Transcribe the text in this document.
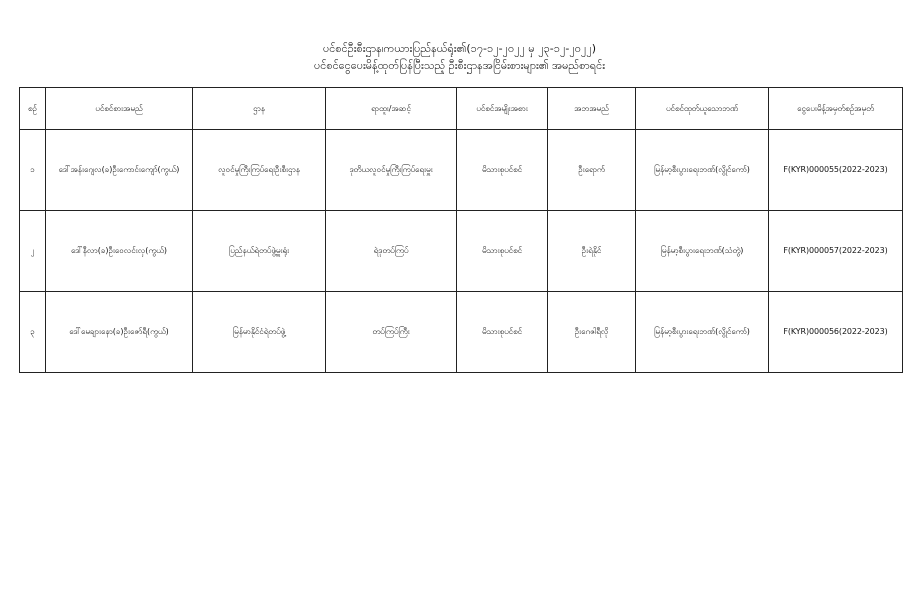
ပင်စင်ဦးစီးဌာန၊ကယားပြည်နယ်ရုံး၏(၁၇-၁၂-၂၀၂၂ မှ ၂၃-၁၂-၂၀၂၂)
ပင်စင်ငွေပေးမိန့်ထုတ်ပြန်ပြီးသည့် ဦးစီးဌာနအငြိမ်းစားများ၏ အမည်စာရင်း
စဉ်	ပင်စင်စားအမည်	ဌာန	ရာထူး/အဆင့်	ပင်စင်အမျိုးအစား	အဘအမည်	ပင်စင်ထုတ်ယူသောဘဏ်	ငွေပေးမိန့်အမှတ်စဉ်အမှတ်
၁	ဒေါ်အန်းဂျေလ(ခ)ဦးကောင်းကျော်(ကွယ်)	လူဝင်မှုကြီးကြပ်ရေးဦးစီးဌာန	ဒုတိယလူဝင်မှုကြီးကြပ်ရေးမှူး	မိသားစုပင်စင်	ဦးရောက်	မြန်မာ့စီးပွားရေးဘဏ်(လွိုင်ကော်)	F(KYR)000055(2022-2023)
၂	ဒေါ်နီလာ(ခ)ဦးဝေလင်းလှ(ကွယ်)	ပြည်နယ်ရဲတပ်ဖွဲ့မှူးရုံး	ရဲဒုတပ်ကြပ်	မိသားစုပင်စင်	ဦးရဲနိုင်	မြန်မာ့စီးပွားရေးဘဏ်(သံတွဲ)	F(KYR)000057(2022-2023)
၃	ဒေါ်မေချားနော(ခ)ဦးဇော်ရီ(ကွယ်)	မြန်မာနိုင်ငံရဲတပ်ဖွဲ့	တပ်ကြပ်ကြီး	မိသားစုပင်စင်	ဦးဂေဇါရီလို	မြန်မာ့စီးပွားရေးဘဏ်(လွိုင်ကော်)	F(KYR)000056(2022-2023)
